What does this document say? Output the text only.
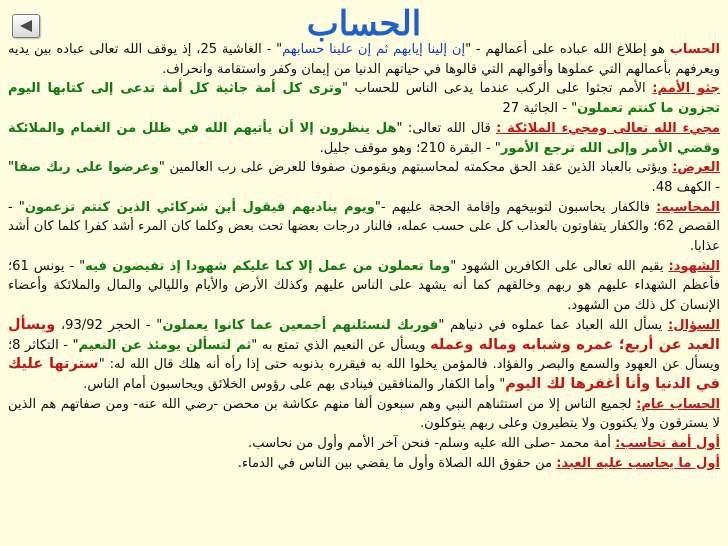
الحساب

الحساب هو إطلاع الله عباده على أعمالهم - "إن إلينا إيابهم ثم إن علينا حسابهم" - الغاشية 25، إذ يوقف الله تعالى عباده بين يديه ويعرفهم بأعمالهم التي عملوها وأقوالهم التي قالوها في حياتهم الدنيا من إيمان وكفر واستقامة وانحراف.

جثو الأمم: الأمم تجثوا على الركب عندما يدعى الناس للحساب "وترى كل أمة جاثية كل أمة تدعى إلى كتابها اليوم تجزون ما كنتم تعملون" - الجاثية 27

مجيء الله تعالى ومجيء الملائكة : قال الله تعالى: "هل ينظرون إلا أن يأتيهم الله في ظلل من الغمام والملائكة وقضي الأمر وإلى الله ترجع الأمور" - البقرة 210؛ وهو موقف جليل.

العرض: ويؤتى بالعباد الذين عقد الحق محكمته لمحاسبتهم ويقومون صفوفا للعرض على رب العالمين "وعرضوا على ربك صفا" - الكهف 48.

المحاسبه: فالكفار يحاسبون لتوبيخهم وإقامة الحجة عليهم -"ويوم يناديهم فيقول أين شركائي الذين كنتم تزعمون" - القصص 62؛ والكفار يتفاوتون بالعذاب كل على حسب عمله، فالنار درجات بعضها تحت بعض وكلما كان المرء أشد كفرا كلما كان أشد عذابا.

الشهود: يقيم الله تعالى على الكافرين الشهود "وما تعملون من عمل إلا كنا عليكم شهودا إذ تفيضون فيه" - يونس 61؛ فأعظم الشهداء عليهم هو ربهم وخالقهم كما أنه يشهد على الناس عليهم وكذلك الأرض والأيام والليالي والمال والملائكة وأعضاء الإنسان كل ذلك من الشهود.

السؤال: يسأل الله العباد عما عملوه في دنياهم "فوربك لنسئلنهم أجمعين عما كانوا يعملون" - الحجر 93/92، ويسأل العبد عن أربع؛ عمره وشبابه وماله وعمله ويسأل عن النعيم الذي تمتع به "ثم لتسألن يومئذ عن النعيم" - التكاثر 8؛ ويسأل عن العهود والسمع والبصر والفؤاد. فالمؤمن يخلوا الله به فيقرره بذنوبه حتى إذا رأه أنه هلك قال الله له: "سترتها عليك في الدنيا وأنا أغفرها لك اليوم" وأما الكفار والمنافقين فينادى بهم على رؤوس الخلائق ويحاسبون أمام الناس.

الحساب عام: لجميع الناس إلا من استثناهم النبي وهم سبعون ألفا منهم عكاشة بن محصن -رضي الله عنه- ومن صفاتهم هم الذين لا يسترقون ولا يكتوون ولا يتطيرون وعلى ربهم يتوكلون.

أول أمة تحاسب: أمة محمد -صلى الله عليه وسلم- فنحن آخر الأمم وأول من نحاسب.

أول ما يحاسب عليه العبد: من حقوق الله الصلاة وأول ما يقضي بين الناس في الدماء.
